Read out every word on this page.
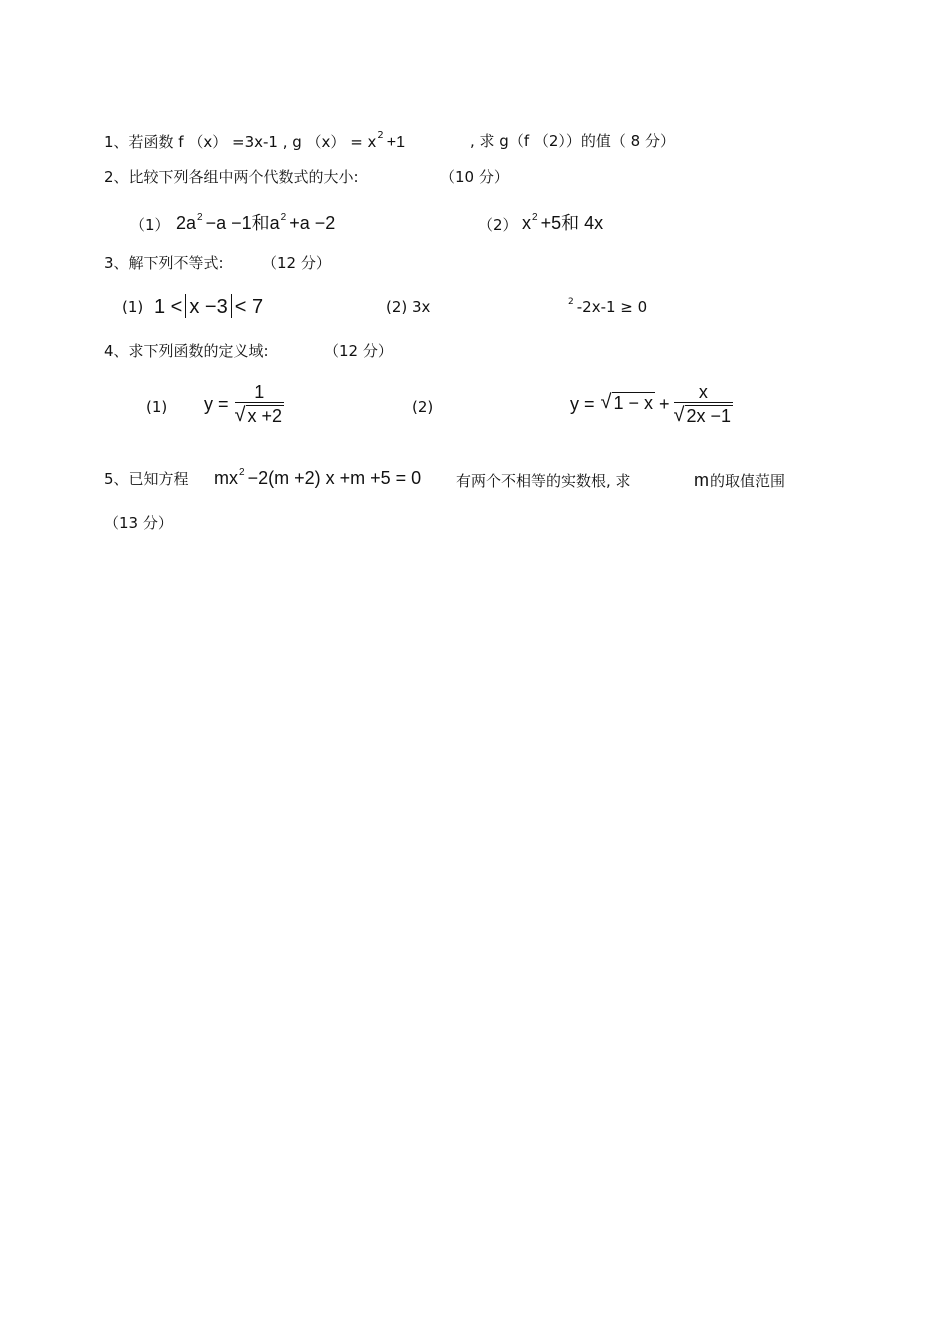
1、若函数 f （x） =3x-1 , g $(x) = x^2 +1$	, 求 g（f （2））的值（ 8 分）
2、比较下列各组中两个代数式的大小:	（10 分）
（1） $2a^2 -a -1$和$a^2 +a -2$	（2） $x^2 +5$和 4x
3、解下列不等式:	（12 分）
(1) 1 < x −3 < 7	(2) 3x	$^2$ -2x-1 ≥ 0
4、求下列函数的定义域:	（12 分）
(1) $y = \frac{1}{√ x +2}$	(2)	y = √ $1 - x + \frac{x}{√ 2x -1}$
5、已知方程 $mx^2 -2(m +2)$ x +m +5 = 0 有两个不相等的实数根, 求	m 的取值范围
（13 分）
